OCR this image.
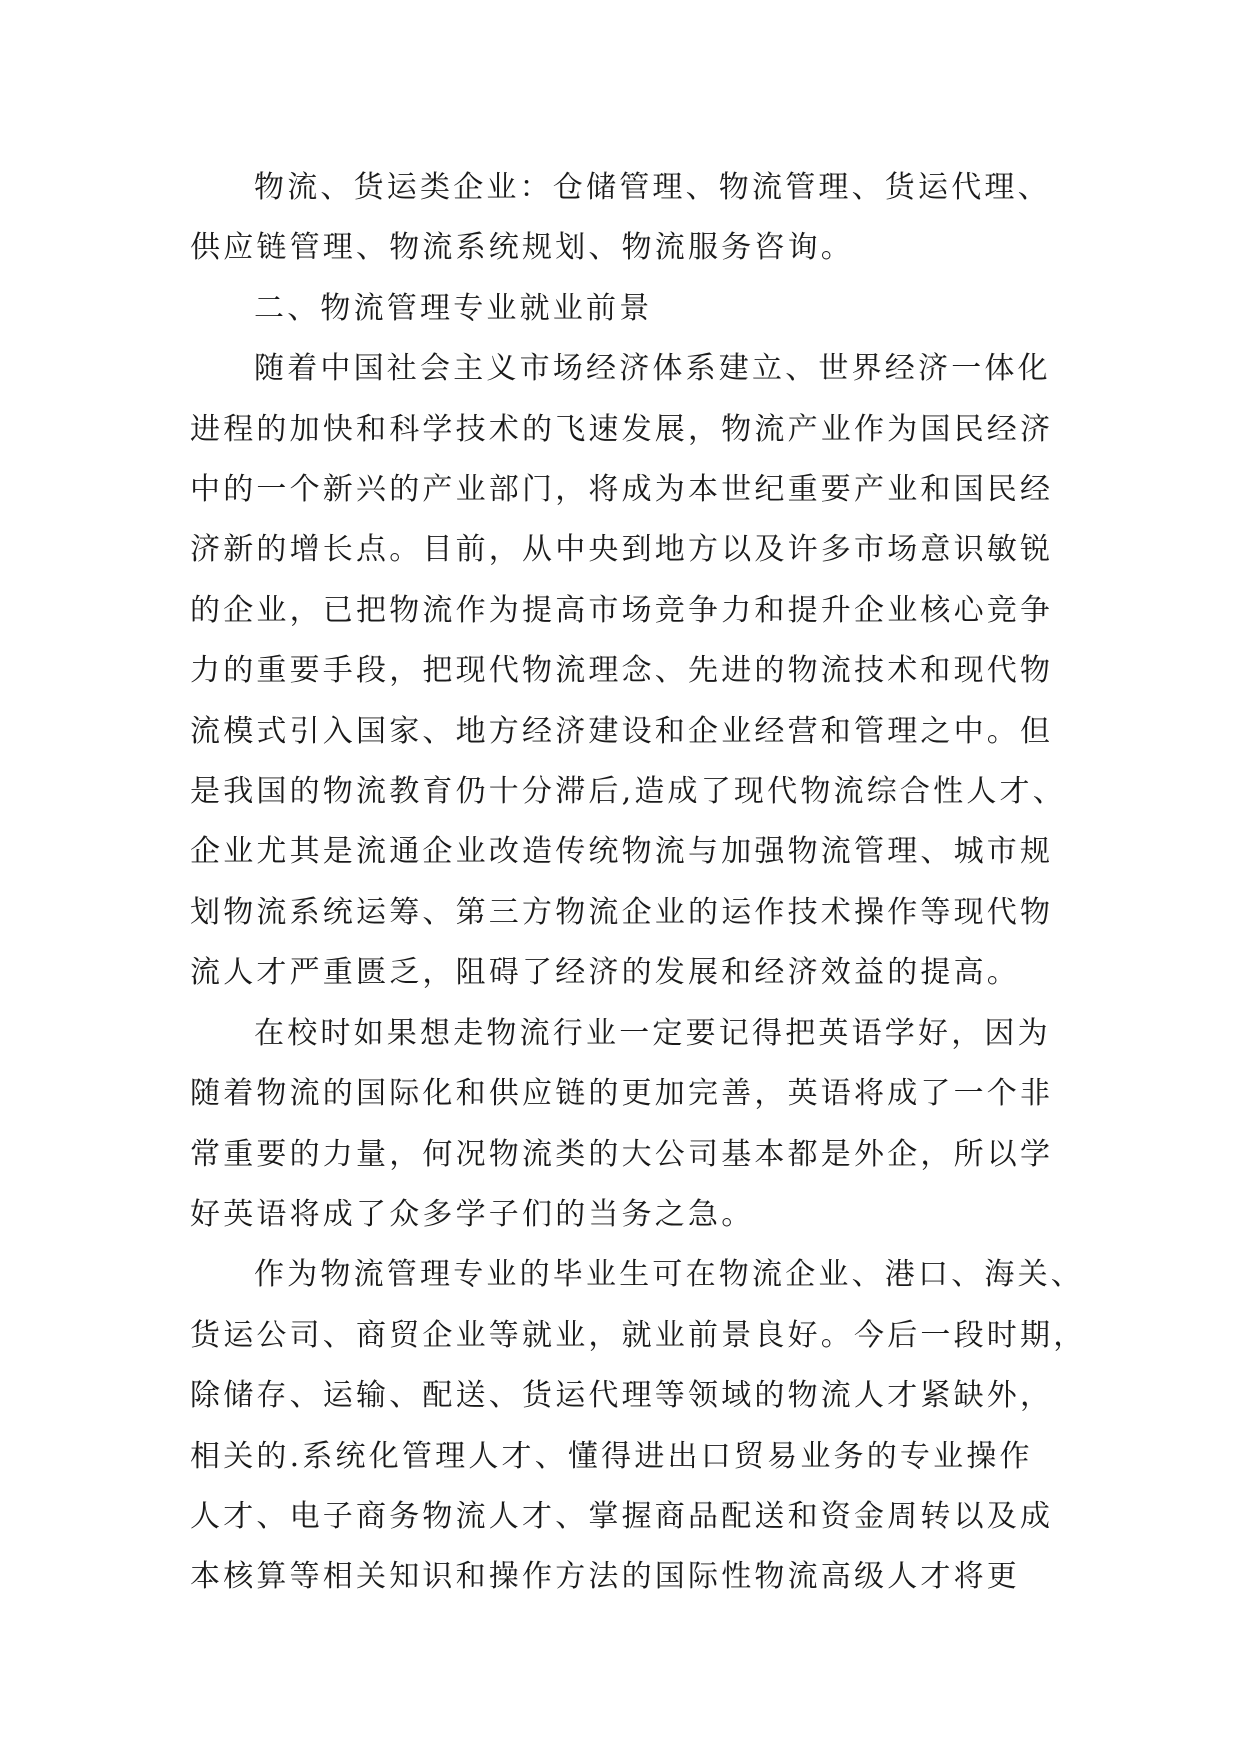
物流、货运类企业：仓储管理、物流管理、货运代理、
供应链管理、物流系统规划、物流服务咨询。

二、物流管理专业就业前景

随着中国社会主义市场经济体系建立、世界经济一体化
进程的加快和科学技术的飞速发展，物流产业作为国民经济
中的一个新兴的产业部门，将成为本世纪重要产业和国民经
济新的增长点。目前，从中央到地方以及许多市场意识敏锐
的企业，已把物流作为提高市场竞争力和提升企业核心竞争
力的重要手段，把现代物流理念、先进的物流技术和现代物
流模式引入国家、地方经济建设和企业经营和管理之中。但
是我国的物流教育仍十分滞后,造成了现代物流综合性人才、
企业尤其是流通企业改造传统物流与加强物流管理、城市规
划物流系统运筹、第三方物流企业的运作技术操作等现代物
流人才严重匮乏，阻碍了经济的发展和经济效益的提高。

在校时如果想走物流行业一定要记得把英语学好，因为
随着物流的国际化和供应链的更加完善，英语将成了一个非
常重要的力量，何况物流类的大公司基本都是外企，所以学
好英语将成了众多学子们的当务之急。

作为物流管理专业的毕业生可在物流企业、港口、海关、
货运公司、商贸企业等就业，就业前景良好。今后一段时期，
除储存、运输、配送、货运代理等领域的物流人才紧缺外，
相关的.系统化管理人才、懂得进出口贸易业务的专业操作
人才、电子商务物流人才、掌握商品配送和资金周转以及成
本核算等相关知识和操作方法的国际性物流高级人才将更
